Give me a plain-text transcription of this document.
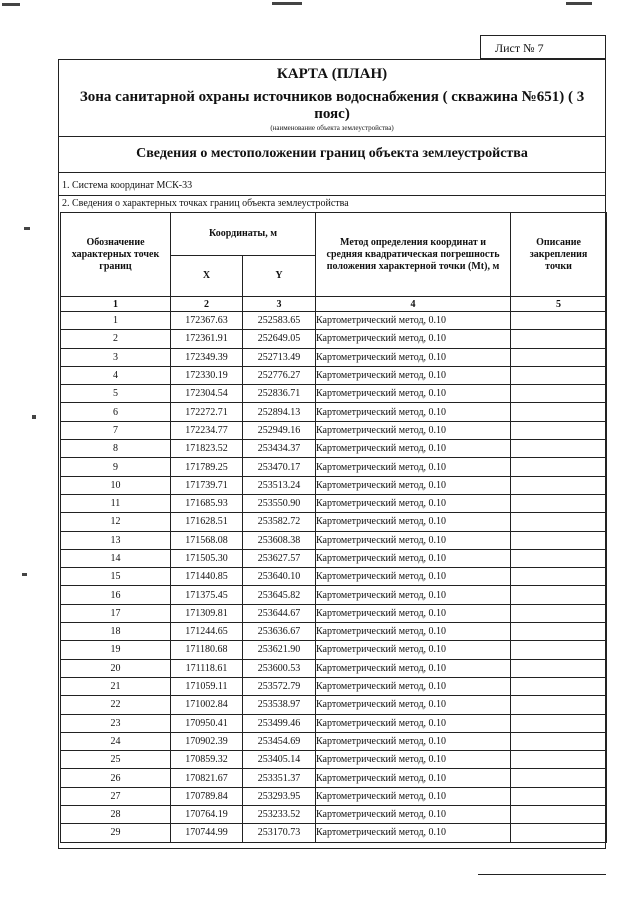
Лист № 7
КАРТА (ПЛАН)
Зона санитарной охраны источников водоснабжения ( скважина №651) ( 3 пояс)
(наименование объекта землеустройства)
Сведения о местоположении границ объекта землеустройства
1. Система координат МСК-33
2. Сведения о характерных точках границ объекта землеустройства
Обозначение характерных точек границ	Координаты, м		Метод определения координат и средняя квадратическая погрешность положения характерной точки (Mt), м	Описание закрепления точки
	X	Y		
1	2	3	4	5
1	172367.63	252583.65	Картометрический метод, 0.10	
2	172361.91	252649.05	Картометрический метод, 0.10	
3	172349.39	252713.49	Картометрический метод, 0.10	
4	172330.19	252776.27	Картометрический метод, 0.10	
5	172304.54	252836.71	Картометрический метод, 0.10	
6	172272.71	252894.13	Картометрический метод, 0.10	
7	172234.77	252949.16	Картометрический метод, 0.10	
8	171823.52	253434.37	Картометрический метод, 0.10	
9	171789.25	253470.17	Картометрический метод, 0.10	
10	171739.71	253513.24	Картометрический метод, 0.10	
11	171685.93	253550.90	Картометрический метод, 0.10	
12	171628.51	253582.72	Картометрический метод, 0.10	
13	171568.08	253608.38	Картометрический метод, 0.10	
14	171505.30	253627.57	Картометрический метод, 0.10	
15	171440.85	253640.10	Картометрический метод, 0.10	
16	171375.45	253645.82	Картометрический метод, 0.10	
17	171309.81	253644.67	Картометрический метод, 0.10	
18	171244.65	253636.67	Картометрический метод, 0.10	
19	171180.68	253621.90	Картометрический метод, 0.10	
20	171118.61	253600.53	Картометрический метод, 0.10	
21	171059.11	253572.79	Картометрический метод, 0.10	
22	171002.84	253538.97	Картометрический метод, 0.10	
23	170950.41	253499.46	Картометрический метод, 0.10	
24	170902.39	253454.69	Картометрический метод, 0.10	
25	170859.32	253405.14	Картометрический метод, 0.10	
26	170821.67	253351.37	Картометрический метод, 0.10	
27	170789.84	253293.95	Картометрический метод, 0.10	
28	170764.19	253233.52	Картометрический метод, 0.10	
29	170744.99	253170.73	Картометрический метод, 0.10	
